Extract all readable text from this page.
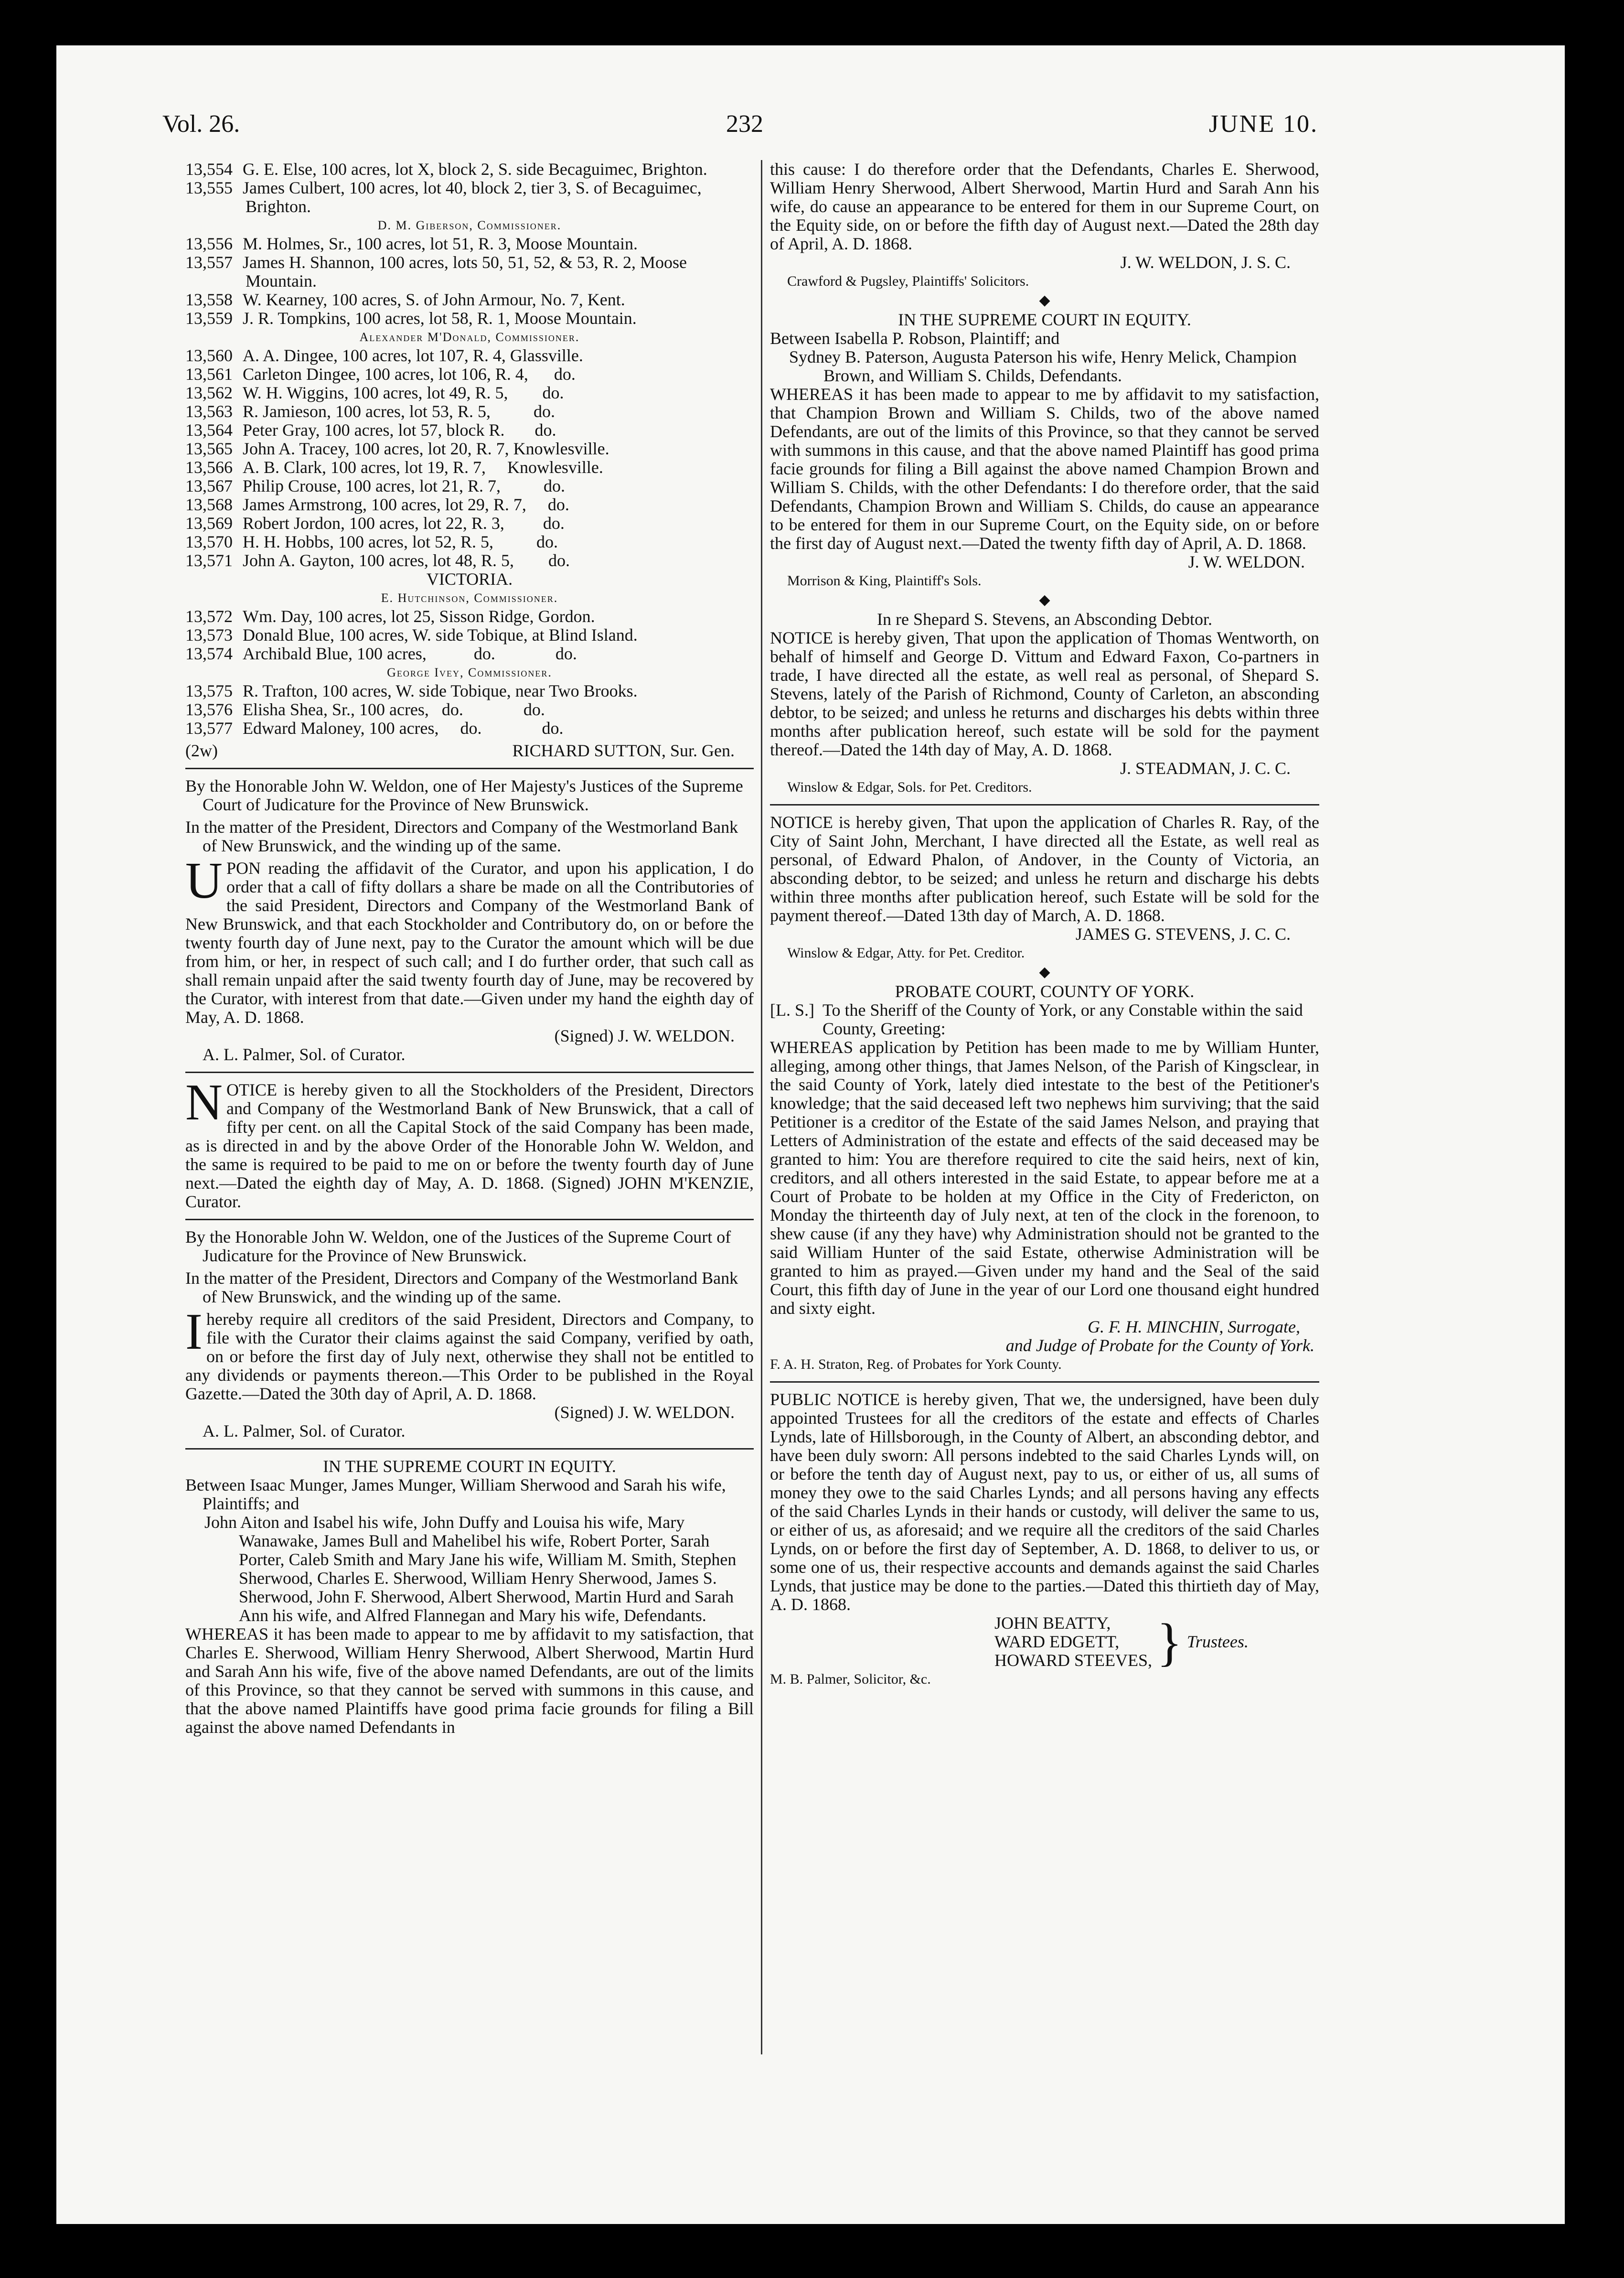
Vol. 26.	232	JUNE 10.
13,554 G. E. Else, 100 acres, lot X, block 2, S. side Becaguimec, Brighton.
13,555 James Culbert, 100 acres, lot 40, block 2, tier 3, S. of Becaguimec, Brighton.
D. M. Giberson, Commissioner.
13,556 M. Holmes, Sr., 100 acres, lot 51, R. 3, Moose Mountain.
13,557 James H. Shannon, 100 acres, lots 50, 51, 52, & 53, R. 2, Moose Mountain.
13,558 W. Kearney, 100 acres, S. of John Armour, No. 7, Kent.
13,559 J. R. Tompkins, 100 acres, lot 58, R. 1, Moose Mountain.
Alexander M'Donald, Commissioner.
13,560 A. A. Dingee, 100 acres, lot 107, R. 4, Glassville.
13,561 Carleton Dingee, 100 acres, lot 106, R. 4,      do.
13,562 W. H. Wiggins, 100 acres, lot 49, R. 5,        do.
13,563 R. Jamieson, 100 acres, lot 53, R. 5,          do.
13,564 Peter Gray, 100 acres, lot 57, block R.       do.
13,565 John A. Tracey, 100 acres, lot 20, R. 7, Knowlesville.
13,566 A. B. Clark, 100 acres, lot 19, R. 7,     Knowlesville.
13,567 Philip Crouse, 100 acres, lot 21, R. 7,          do.
13,568 James Armstrong, 100 acres, lot 29, R. 7,     do.
13,569 Robert Jordon, 100 acres, lot 22, R. 3,         do.
13,570 H. H. Hobbs, 100 acres, lot 52, R. 5,          do.
13,571 John A. Gayton, 100 acres, lot 48, R. 5,        do.
VICTORIA.
E. Hutchinson, Commissioner.
13,572 Wm. Day, 100 acres, lot 25, Sisson Ridge, Gordon.
13,573 Donald Blue, 100 acres, W. side Tobique, at Blind Island.
13,574 Archibald Blue, 100 acres,           do.              do.
George Ivey, Commissioner.
13,575 R. Trafton, 100 acres, W. side Tobique, near Two Brooks.
13,576 Elisha Shea, Sr., 100 acres,   do.              do.
13,577 Edward Maloney, 100 acres,     do.              do.
(2w)	RICHARD SUTTON, Sur. Gen.

By the Honorable John W. Weldon, one of Her Majesty's Justices of the Supreme Court of Judicature for the Province of New Brunswick.

In the matter of the President, Directors and Company of the Westmorland Bank of New Brunswick, and the winding up of the same.

UPON reading the affidavit of the Curator, and upon his application, I do order that a call of fifty dollars a share be made on all the Contributories of the said President, Directors and Company of the Westmorland Bank of New Brunswick, and that each Stockholder and Contributory do, on or before the twenty fourth day of June next, pay to the Curator the amount which will be due from him, or her, in respect of such call; and I do further order, that such call as shall remain unpaid after the said twenty fourth day of June, may be recovered by the Curator, with interest from that date.—Given under my hand the eighth day of May, A. D. 1868.

(Signed) J. W. WELDON.
A. L. Palmer, Sol. of Curator.

NOTICE is hereby given to all the Stockholders of the President, Directors and Company of the Westmorland Bank of New Brunswick, that a call of fifty per cent. on all the Capital Stock of the said Company has been made, as is directed in and by the above Order of the Honorable John W. Weldon, and the same is required to be paid to me on or before the twenty fourth day of June next.—Dated the eighth day of May, A. D. 1868. (Signed) JOHN M'KENZIE, Curator.

By the Honorable John W. Weldon, one of the Justices of the Supreme Court of Judicature for the Province of New Brunswick.

In the matter of the President, Directors and Company of the Westmorland Bank of New Brunswick, and the winding up of the same.

Ihereby require all creditors of the said President, Directors and Company, to file with the Curator their claims against the said Company, verified by oath, on or before the first day of July next, otherwise they shall not be entitled to any dividends or payments thereon.—This Order to be published in the Royal Gazette.—Dated the 30th day of April, A. D. 1868.

(Signed) J. W. WELDON.
A. L. Palmer, Sol. of Curator.
IN THE SUPREME COURT IN EQUITY.

Between Isaac Munger, James Munger, William Sherwood and Sarah his wife, Plaintiffs; and

John Aiton and Isabel his wife, John Duffy and Louisa his wife, Mary Wanawake, James Bull and Mahelibel his wife, Robert Porter, Sarah Porter, Caleb Smith and Mary Jane his wife, William M. Smith, Stephen Sherwood, Charles E. Sherwood, William Henry Sherwood, James S. Sherwood, John F. Sherwood, Albert Sherwood, Martin Hurd and Sarah Ann his wife, and Alfred Flannegan and Mary his wife, Defendants.

WHEREAS it has been made to appear to me by affidavit to my satisfaction, that Charles E. Sherwood, William Henry Sherwood, Albert Sherwood, Martin Hurd and Sarah Ann his wife, five of the above named Defendants, are out of the limits of this Province, so that they cannot be served with summons in this cause, and that the above named Plaintiffs have good prima facie grounds for filing a Bill against the above named Defendants in

this cause: I do therefore order that the Defendants, Charles E. Sherwood, William Henry Sherwood, Albert Sherwood, Martin Hurd and Sarah Ann his wife, do cause an appearance to be entered for them in our Supreme Court, on the Equity side, on or before the fifth day of August next.—Dated the 28th day of April, A. D. 1868.

J. W. WELDON, J. S. C.
Crawford & Pugsley, Plaintiffs' Solicitors.
◆
IN THE SUPREME COURT IN EQUITY.

Between Isabella P. Robson, Plaintiff; and

Sydney B. Paterson, Augusta Paterson his wife, Henry Melick, Champion Brown, and William S. Childs, Defendants.

WHEREAS it has been made to appear to me by affidavit to my satisfaction, that Champion Brown and William S. Childs, two of the above named Defendants, are out of the limits of this Province, so that they cannot be served with summons in this cause, and that the above named Plaintiff has good prima facie grounds for filing a Bill against the above named Champion Brown and William S. Childs, with the other Defendants: I do therefore order, that the said Defendants, Champion Brown and William S. Childs, do cause an appearance to be entered for them in our Supreme Court, on the Equity side, on or before the first day of August next.—Dated the twenty fifth day of April, A. D. 1868.

J. W. WELDON.
Morrison & King, Plaintiff's Sols.
◆
In re Shepard S. Stevens, an Absconding Debtor.

NOTICE is hereby given, That upon the application of Thomas Wentworth, on behalf of himself and George D. Vittum and Edward Faxon, Co-partners in trade, I have directed all the estate, as well real as personal, of Shepard S. Stevens, lately of the Parish of Richmond, County of Carleton, an absconding debtor, to be seized; and unless he returns and discharges his debts within three months after publication hereof, such estate will be sold for the payment thereof.—Dated the 14th day of May, A. D. 1868.

J. STEADMAN, J. C. C.
Winslow & Edgar, Sols. for Pet. Creditors.

NOTICE is hereby given, That upon the application of Charles R. Ray, of the City of Saint John, Merchant, I have directed all the Estate, as well real as personal, of Edward Phalon, of Andover, in the County of Victoria, an absconding debtor, to be seized; and unless he return and discharge his debts within three months after publication hereof, such Estate will be sold for the payment thereof.—Dated 13th day of March, A. D. 1868.

JAMES G. STEVENS, J. C. C.
Winslow & Edgar, Atty. for Pet. Creditor.
◆
PROBATE COURT, COUNTY OF YORK.
[L. S.] To the Sheriff of the County of York, or any Constable within the said County, Greeting:

WHEREAS application by Petition has been made to me by William Hunter, alleging, among other things, that James Nelson, of the Parish of Kingsclear, in the said County of York, lately died intestate to the best of the Petitioner's knowledge; that the said deceased left two nephews him surviving; that the said Petitioner is a creditor of the Estate of the said James Nelson, and praying that Letters of Administration of the estate and effects of the said deceased may be granted to him: You are therefore required to cite the said heirs, next of kin, creditors, and all others interested in the said Estate, to appear before me at a Court of Probate to be holden at my Office in the City of Fredericton, on Monday the thirteenth day of July next, at ten of the clock in the forenoon, to shew cause (if any they have) why Administration should not be granted to the said William Hunter of the said Estate, otherwise Administration will be granted to him as prayed.—Given under my hand and the Seal of the said Court, this fifth day of June in the year of our Lord one thousand eight hundred and sixty eight.

G. F. H. MINCHIN, Surrogate,
and Judge of Probate for the County of York.
F. A. H. Straton, Reg. of Probates for York County.

PUBLIC NOTICE is hereby given, That we, the undersigned, have been duly appointed Trustees for all the creditors of the estate and effects of Charles Lynds, late of Hillsborough, in the County of Albert, an absconding debtor, and have been duly sworn: All persons indebted to the said Charles Lynds will, on or before the tenth day of August next, pay to us, or either of us, all sums of money they owe to the said Charles Lynds; and all persons having any effects of the said Charles Lynds in their hands or custody, will deliver the same to us, or either of us, as aforesaid; and we require all the creditors of the said Charles Lynds, on or before the first day of September, A. D. 1868, to deliver to us, or some one of us, their respective accounts and demands against the said Charles Lynds, that justice may be done to the parties.—Dated this thirtieth day of May, A. D. 1868.

JOHN BEATTY,
WARD EDGETT,
HOWARD STEEVES, } Trustees.
M. B. Palmer, Solicitor, &c.
